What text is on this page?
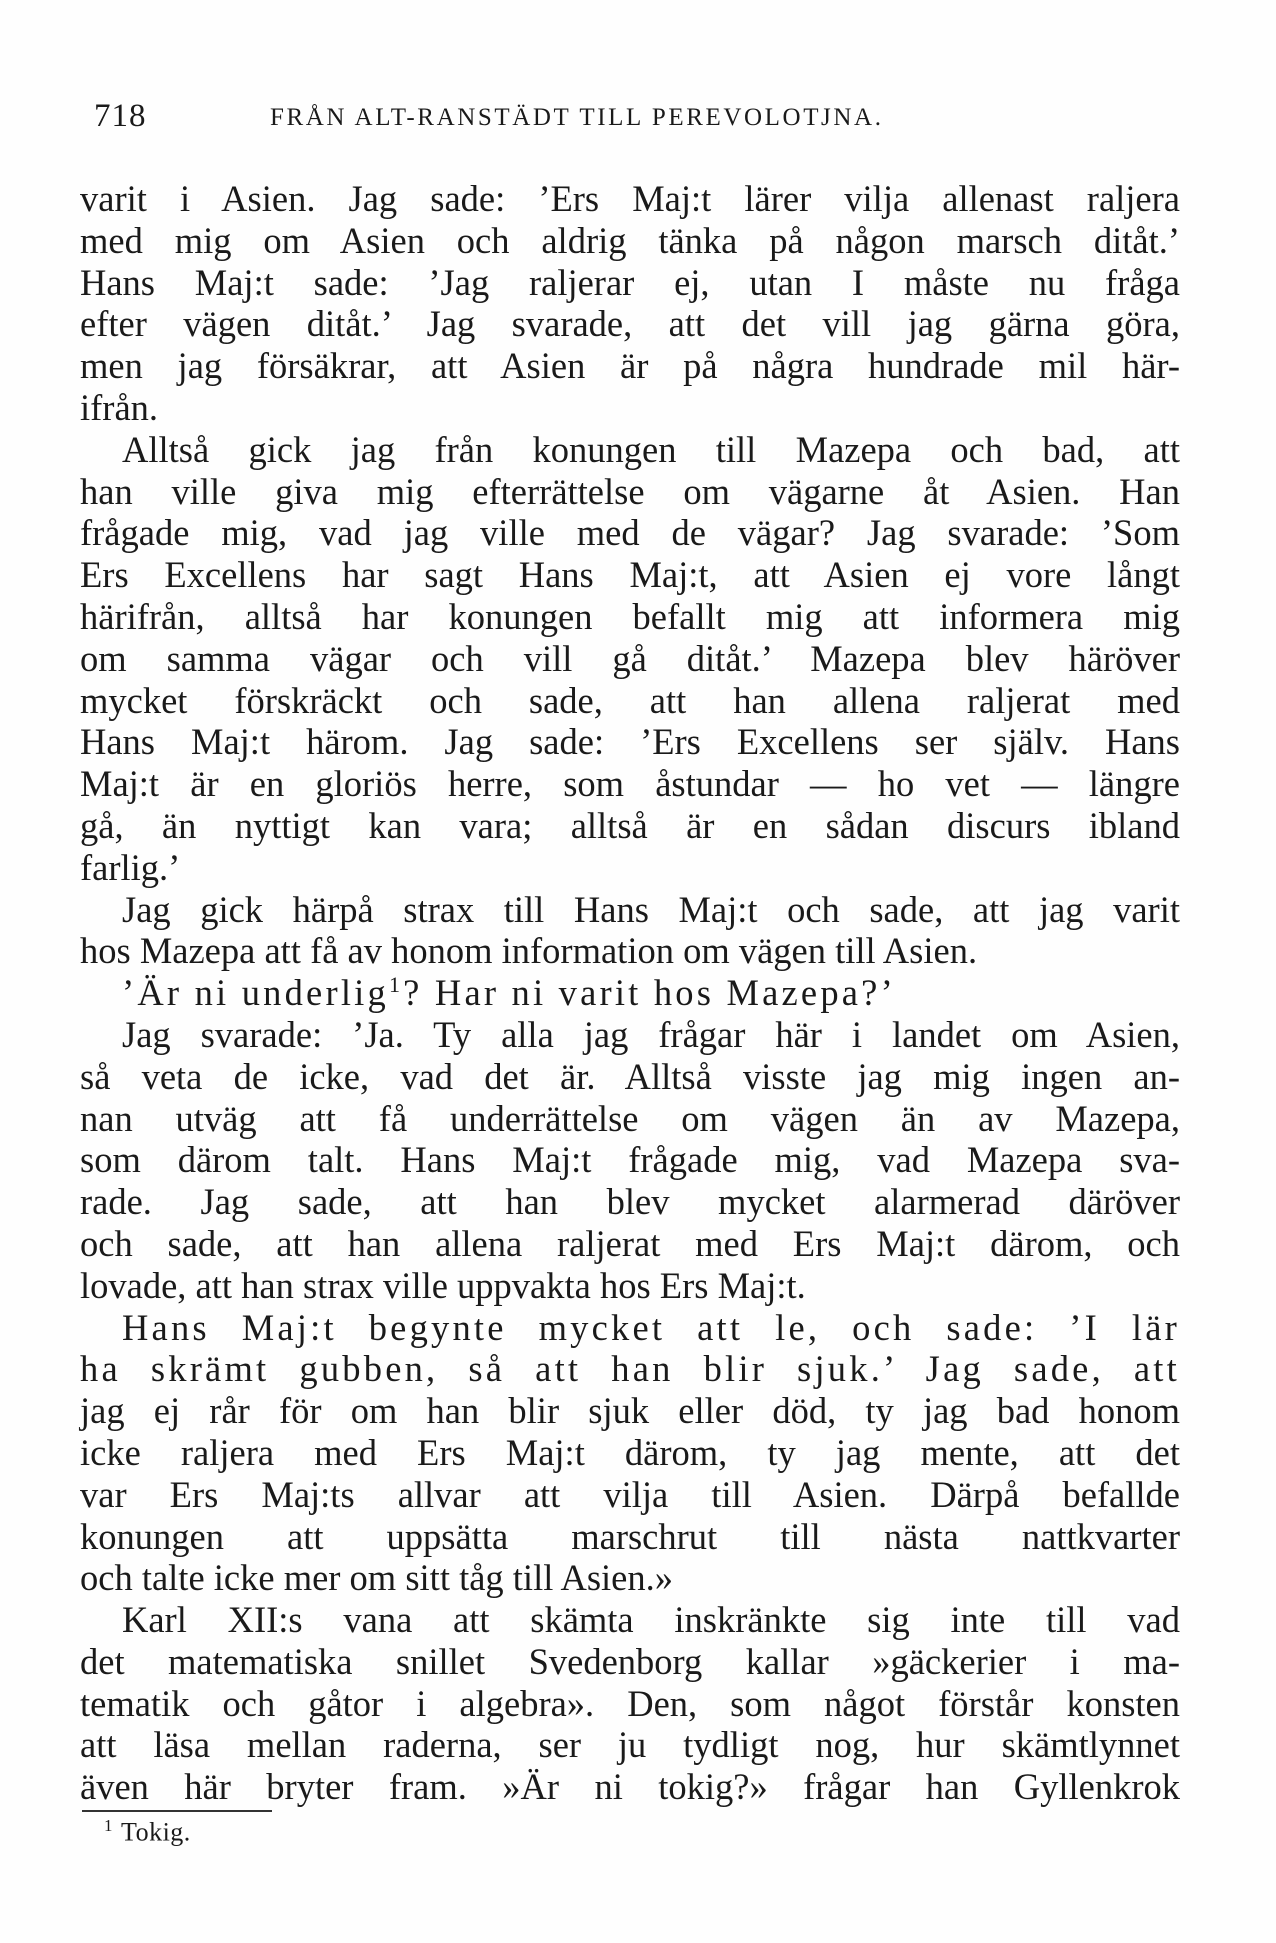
718	FRÅN ALT-RANSTÄDT TILL PEREVOLOTJNA.
varit i Asien. Jag sade: ’Ers Maj:t lärer vilja allenast raljera
med mig om Asien och aldrig tänka på någon marsch ditåt.’
Hans Maj:t sade: ’Jag raljerar ej, utan I måste nu fråga
efter vägen ditåt.’ Jag svarade, att det vill jag gärna göra,
men jag försäkrar, att Asien är på några hundrade mil här-
ifrån.
Alltså gick jag från konungen till Mazepa och bad, att
han ville giva mig efterrättelse om vägarne åt Asien. Han
frågade mig, vad jag ville med de vägar? Jag svarade: ’Som
Ers Excellens har sagt Hans Maj:t, att Asien ej vore långt
härifrån, alltså har konungen befallt mig att informera mig
om samma vägar och vill gå ditåt.’ Mazepa blev häröver
mycket förskräckt och sade, att han allena raljerat med
Hans Maj:t härom. Jag sade: ’Ers Excellens ser själv. Hans
Maj:t är en gloriös herre, som åstundar — ho vet — längre
gå, än nyttigt kan vara; alltså är en sådan discurs ibland
farlig.’
Jag gick härpå strax till Hans Maj:t och sade, att jag varit
hos Mazepa att få av honom information om vägen till Asien.
’Är ni underlig$^1$? Har ni varit hos Mazepa?’
Jag svarade: ’Ja. Ty alla jag frågar här i landet om Asien,
så veta de icke, vad det är. Alltså visste jag mig ingen an-
nan utväg att få underrättelse om vägen än av Mazepa,
som därom talt. Hans Maj:t frågade mig, vad Mazepa sva-
rade. Jag sade, att han blev mycket alarmerad däröver
och sade, att han allena raljerat med Ers Maj:t därom, och
lovade, att han strax ville uppvakta hos Ers Maj:t.
Hans Maj:t begynte mycket att le, och sade: ’I lär
ha skrämt gubben, så att han blir sjuk.’ Jag sade, att
jag ej rår för om han blir sjuk eller död, ty jag bad honom
icke raljera med Ers Maj:t därom, ty jag mente, att det
var Ers Maj:ts allvar att vilja till Asien. Därpå befallde
konungen att uppsätta marschrut till nästa nattkvarter
och talte icke mer om sitt tåg till Asien.»
Karl XII:s vana att skämta inskränkte sig inte till vad
det matematiska snillet Svedenborg kallar »gäckerier i ma-
tematik och gåtor i algebra». Den, som något förstår konsten
att läsa mellan raderna, ser ju tydligt nog, hur skämtlynnet
även här bryter fram. »Är ni tokig?» frågar han Gyllenkrok
$^1$ Tokig.
